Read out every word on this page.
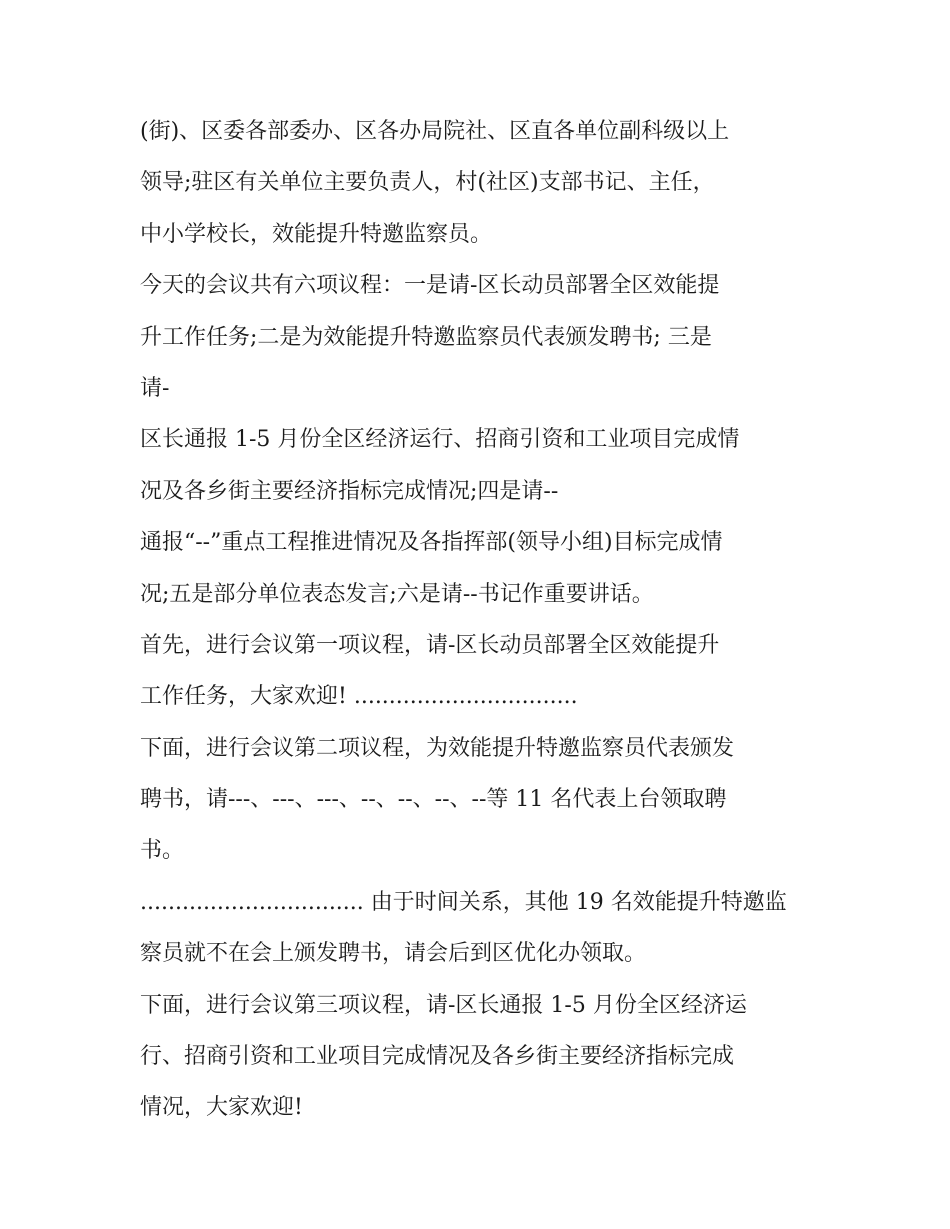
(街)、区委各部委办、区各办局院社、区直各单位副科级以上
领导;驻区有关单位主要负责人，村(社区)支部书记、主任，
中小学校长，效能提升特邀监察员。
今天的会议共有六项议程：一是请-区长动员部署全区效能提
升工作任务;二是为效能提升特邀监察员代表颁发聘书; 三是
请-
区长通报 1-5 月份全区经济运行、招商引资和工业项目完成情
况及各乡街主要经济指标完成情况;四是请--
通报“--”重点工程推进情况及各指挥部(领导小组)目标完成情
况;五是部分单位表态发言;六是请--书记作重要讲话。
首先，进行会议第一项议程，请-区长动员部署全区效能提升
工作任务，大家欢迎! ................................
下面，进行会议第二项议程，为效能提升特邀监察员代表颁发
聘书，请---、---、---、--、--、--、--等 11 名代表上台领取聘
书。
................................ 由于时间关系，其他 19 名效能提升特邀监
察员就不在会上颁发聘书，请会后到区优化办领取。
下面，进行会议第三项议程，请-区长通报 1-5 月份全区经济运
行、招商引资和工业项目完成情况及各乡街主要经济指标完成
情况，大家欢迎!
